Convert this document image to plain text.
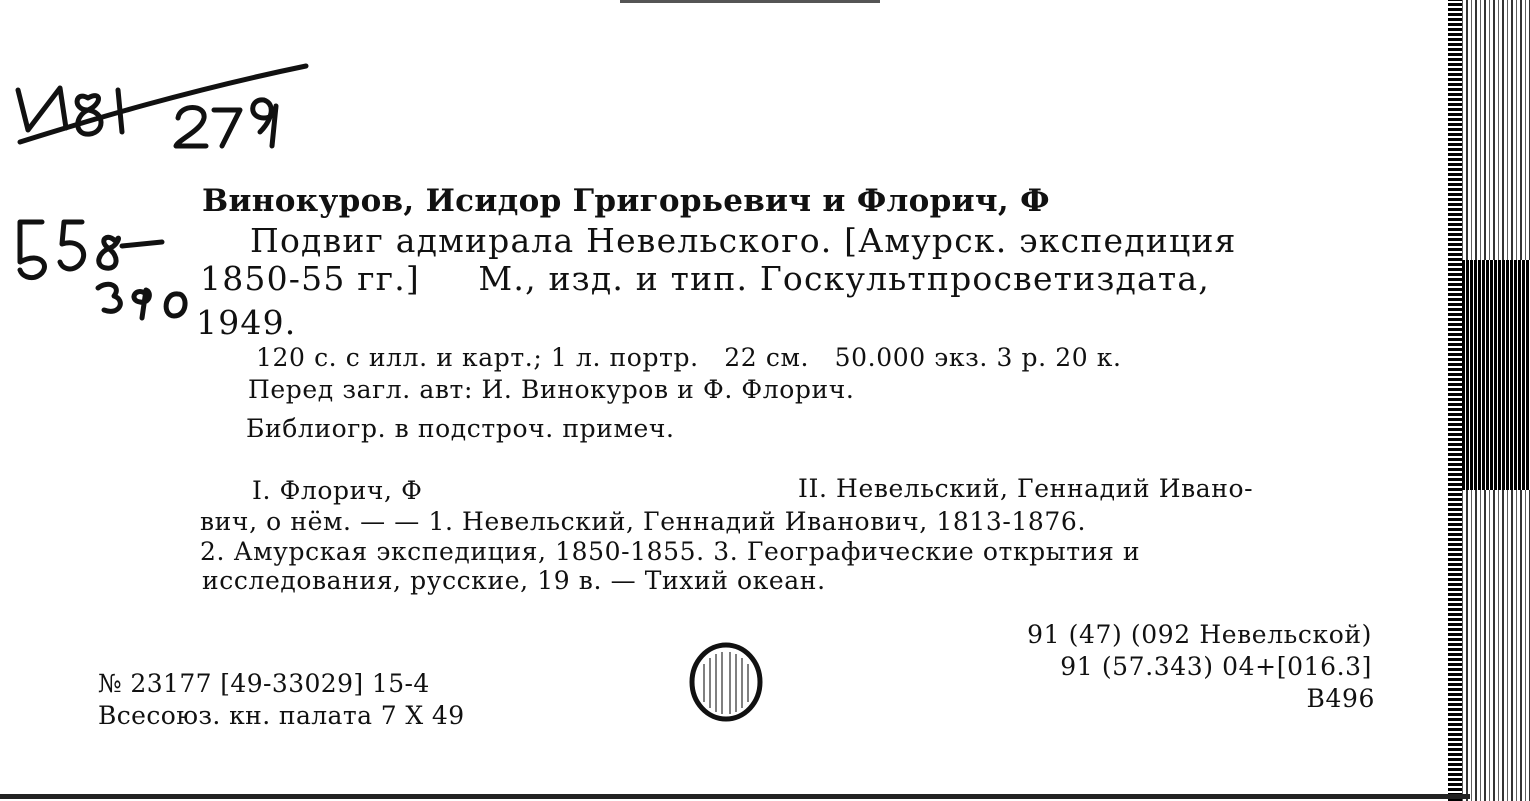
Винокуров, Исидор Григорьевич и Флорич, Ф
Подвиг адмирала Невельского. [Амурск. экспедиция
1850-55 гг.]     М., изд. и тип. Госкультпросветиздата,
1949.
120 с. с илл. и карт.; 1 л. портр.   22 см.   50.000 экз. 3 р. 20 к.
Перед загл. авт: И. Винокуров и Ф. Флорич.
Библиогр. в подстроч. примеч.
I. Флорич, Ф	II. Невельский, Геннадий Ивано-
вич, о нём. — — 1. Невельский, Геннадий Иванович, 1813-1876.
2. Амурская экспедиция, 1850-1855. 3. Географические открытия и
исследования, русские, 19 в. — Тихий океан.
91 (47) (092 Невельской)
91 (57.343) 04+[016.3]
В496
№ 23177 [49-33029] 15-4
Всесоюз. кн. палата 7 X 49
